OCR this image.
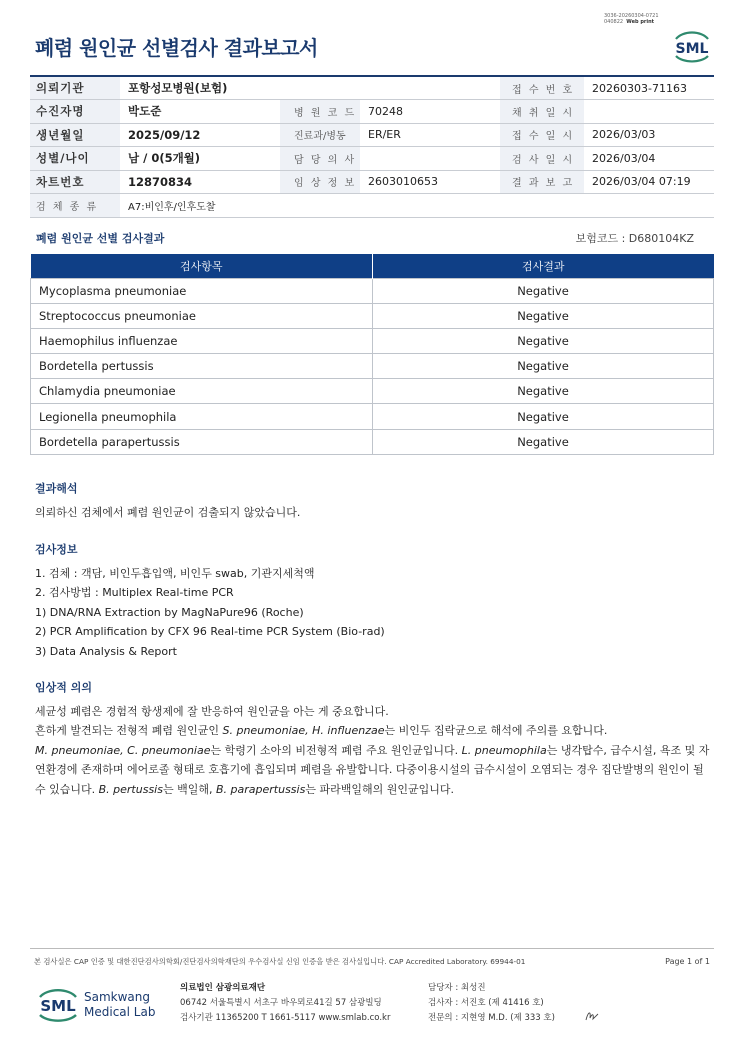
3036-20260304-0721
040822 Web print
폐렴 원인균 선별검사 결과보고서	SML
의뢰기관	포항성모병원(보험)			접 수 번 호	20260303-71163
수진자명	박도준	병 원 코 드	70248	채 취 일 시	
생년월일	2025/09/12	진료과/병동	ER/ER	접 수 일 시	2026/03/03
성별/나이	남 / 0(5개월)	담 당 의 사		검 사 일 시	2026/03/04
차트번호	12870834	임 상 정 보	2603010653	결 과 보 고	2026/03/04 07:19
검 체 종 류	A7:비인후/인후도찰				
폐렴 원인균 선별 검사결과	보험코드 : D680104KZ
검사항목	검사결과
Mycoplasma pneumoniae	Negative
Streptococcus pneumoniae	Negative
Haemophilus influenzae	Negative
Bordetella pertussis	Negative
Chlamydia pneumoniae	Negative
Legionella pneumophila	Negative
Bordetella parapertussis	Negative
결과해석
의뢰하신 검체에서 폐렴 원인균이 검출되지 않았습니다.
검사정보
1. 검체 : 객담, 비인두흡입액, 비인두 swab, 기관지세척액
2. 검사방법 : Multiplex Real-time PCR
1) DNA/RNA Extraction by MagNaPure96 (Roche)
2) PCR Amplification by CFX 96 Real-time PCR System (Bio-rad)
3) Data Analysis & Report
임상적 의의
세균성 폐렴은 경험적 항생제에 잘 반응하여 원인균을 아는 게 중요합니다.
흔하게 발견되는 전형적 폐렴 원인균인 S. pneumoniae, H. influenzae는 비인두 집락균으로 해석에 주의를 요합니다.
M. pneumoniae, C. pneumoniae는 학령기 소아의 비전형적 폐렴 주요 원인균입니다. L. pneumophila는 냉각탑수, 급수시설, 욕조 및 자연환경에 존재하며 에어로졸 형태로 호흡기에 흡입되며 폐렴을 유발합니다. 다중이용시설의 급수시설이 오염되는 경우 집단발병의 원인이 될 수 있습니다. B. pertussis는 백일해, B. parapertussis는 파라백일해의 원인균입니다.
본 검사실은 CAP 인증 및 대한진단검사의학회/진단검사의학재단의 우수검사실 신임 인증을 받은 검사실입니다. CAP Accredited Laboratory. 69944-01	Page 1 of 1
SML Samkwang
Medical Lab
의료법인 삼광의료재단
06742 서울특별시 서초구 바우뫼로41길 57 삼광빌딩
검사기관 11365200 T 1661-5117 www.smlab.co.kr
담당자 : 최성진
검사자 : 서진호 (제 41416 호)
전문의 : 지현영 M.D. (제 333 호)
